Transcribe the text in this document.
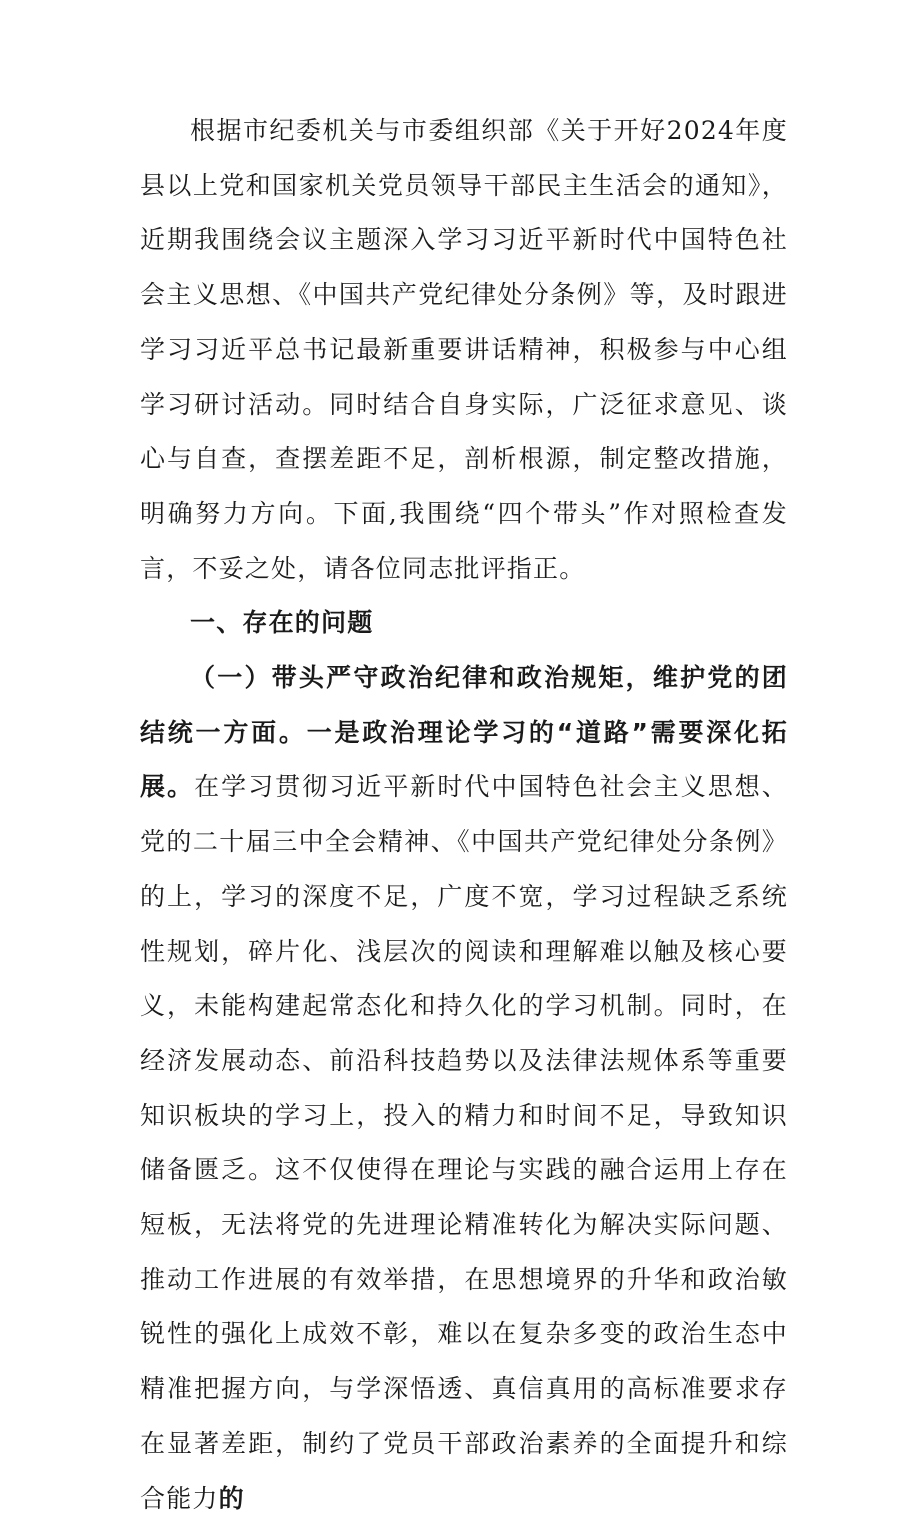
根据市纪委机关与市委组织部《关于开好2024年度县以上党和国家机关党员领导干部民主生活会的通知》，近期我围绕会议主题深入学习习近平新时代中国特色社会主义思想、《中国共产党纪律处分条例》等，及时跟进学习习近平总书记最新重要讲话精神，积极参与中心组学习研讨活动。同时结合自身实际，广泛征求意见、谈心与自查，查摆差距不足，剖析根源，制定整改措施，明确努力方向。下面,我围绕“四个带头”作对照检查发言，不妥之处，请各位同志批评指正。

一、存在的问题

（一）带头严守政治纪律和政治规矩，维护党的团结统一方面。一是政治理论学习的“道路”需要深化拓展。在学习贯彻习近平新时代中国特色社会主义思想、党的二十届三中全会精神、《中国共产党纪律处分条例》的上，学习的深度不足，广度不宽，学习过程缺乏系统性规划，碎片化、浅层次的阅读和理解难以触及核心要义，未能构建起常态化和持久化的学习机制。同时，在经济发展动态、前沿科技趋势以及法律法规体系等重要知识板块的学习上，投入的精力和时间不足，导致知识储备匮乏。这不仅使得在理论与实践的融合运用上存在短板，无法将党的先进理论精准转化为解决实际问题、推动工作进展的有效举措，在思想境界的升华和政治敏锐性的强化上成效不彰，难以在复杂多变的政治生态中精准把握方向，与学深悟透、真信真用的高标准要求存在显著差距，制约了党员干部政治素养的全面提升和综合能力的
